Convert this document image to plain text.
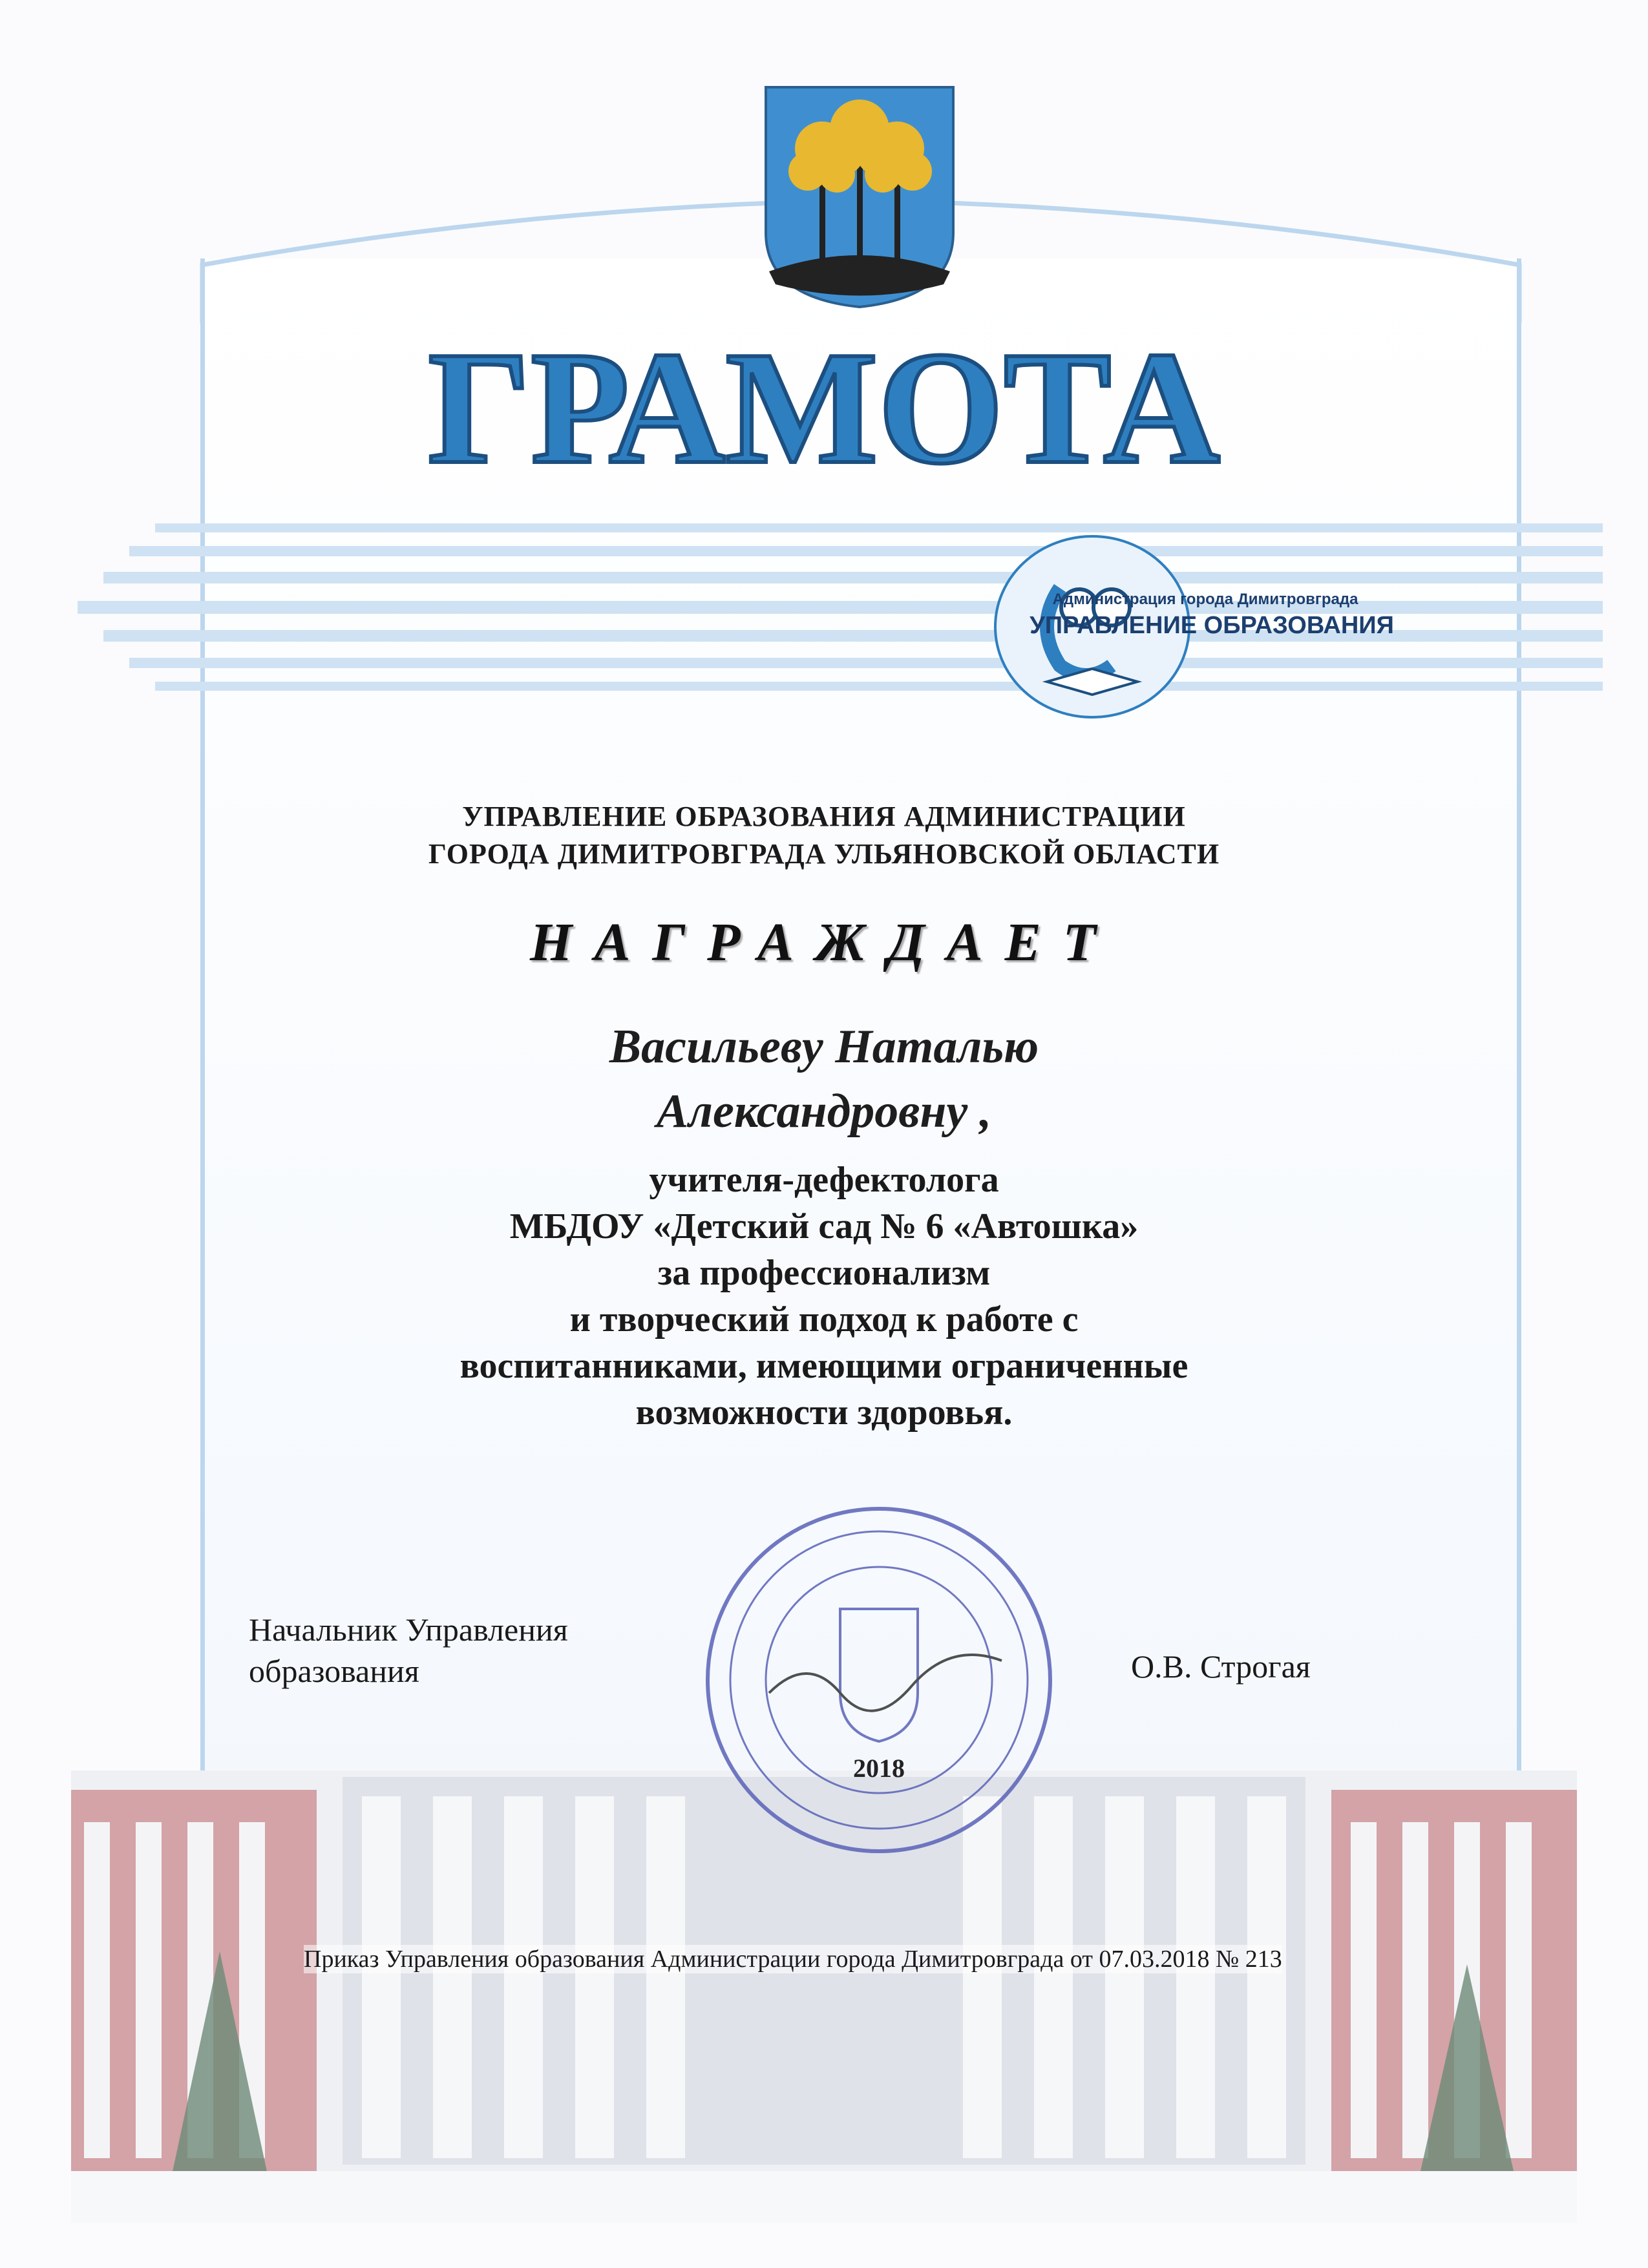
ГРАМОТА
Администрация города Димитровграда
УПРАВЛЕНИЕ ОБРАЗОВАНИЯ
УПРАВЛЕНИЕ ОБРАЗОВАНИЯ АДМИНИСТРАЦИИ
ГОРОДА ДИМИТРОВГРАДА УЛЬЯНОВСКОЙ ОБЛАСТИ
НАГРАЖДАЕТ
Васильеву Наталью
Александровну ,
учителя-дефектолога
МБДОУ «Детский сад № 6 «Автошка»
за профессионализм
и творческий подход к работе с
воспитанниками, имеющими ограниченные
возможности здоровья.
Начальник Управления
образования	О.В. Строгая
2018
Приказ Управления образования Администрации города Димитровграда от 07.03.2018 № 213
